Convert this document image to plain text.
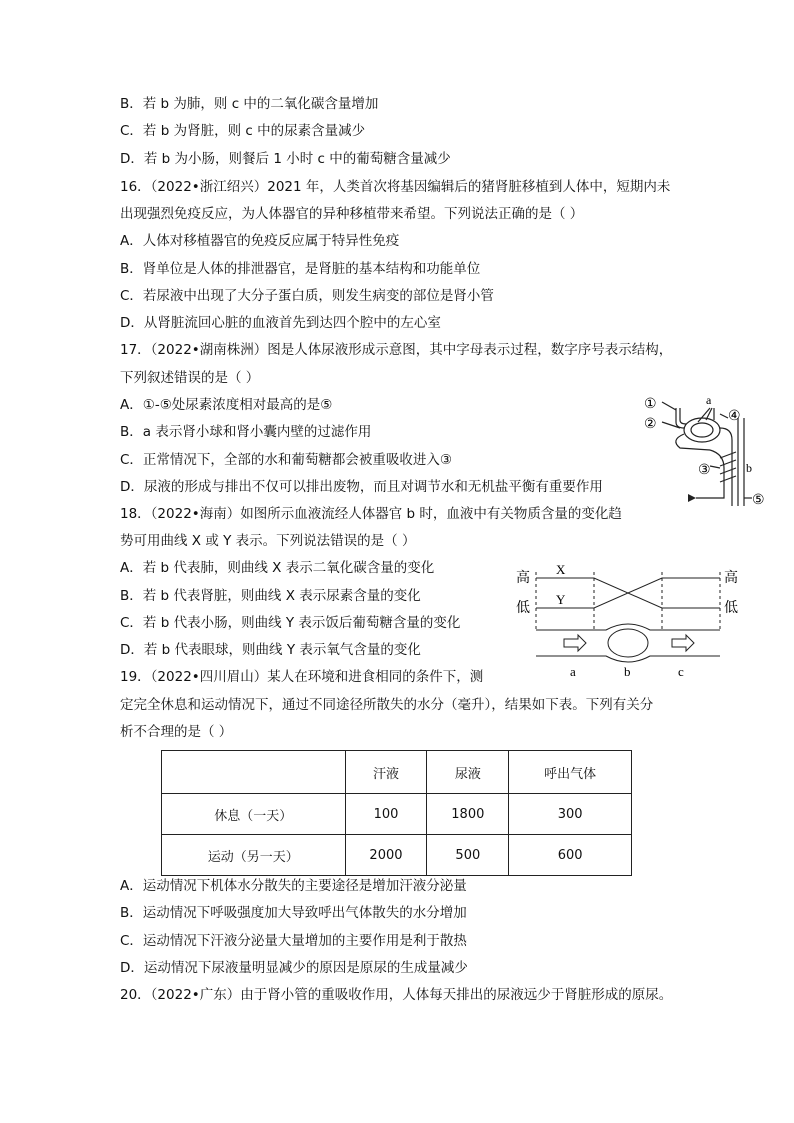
B．若 b 为肺，则 c 中的二氧化碳含量增加
C．若 b 为肾脏，则 c 中的尿素含量减少
D．若 b 为小肠，则餐后 1 小时 c 中的葡萄糖含量减少
16．（2022•浙江绍兴）2021 年，人类首次将基因编辑后的猪肾脏移植到人体中，短期内未
出现强烈免疫反应，为人体器官的异种移植带来希望。下列说法正确的是（ ）
A．人体对移植器官的免疫反应属于特异性免疫
B．肾单位是人体的排泄器官，是肾脏的基本结构和功能单位
C．若尿液中出现了大分子蛋白质，则发生病变的部位是肾小管
D．从肾脏流回心脏的血液首先到达四个腔中的左心室
17．（2022•湖南株洲）图是人体尿液形成示意图，其中字母表示过程，数字序号表示结构，
下列叙述错误的是（ ）
A．①-⑤处尿素浓度相对最高的是⑤
B．a 表示肾小球和肾小囊内壁的过滤作用
C．正常情况下，全部的水和葡萄糖都会被重吸收进入③
D．尿液的形成与排出不仅可以排出废物，而且对调节水和无机盐平衡有重要作用
①
②
④
③
⑤
a
b
18．（2022•海南）如图所示血液流经人体器官 b 时，血液中有关物质含量的变化趋
势可用曲线 X 或 Y 表示。下列说法错误的是（ ）
A．若 b 代表肺，则曲线 X 表示二氧化碳含量的变化
B．若 b 代表肾脏，则曲线 X 表示尿素含量的变化
C．若 b 代表小肠，则曲线 Y 表示饭后葡萄糖含量的变化
D．若 b 代表眼球，则曲线 Y 表示氧气含量的变化
高
低
高
低
X
Y
a	b	c
19．（2022•四川眉山）某人在环境和进食相同的条件下，测
定完全休息和运动情况下，通过不同途径所散失的水分（毫升），结果如下表。下列有关分
析不合理的是（ ）
	汗液	尿液	呼出气体
休息（一天）	100	1800	300
运动（另一天）	2000	500	600
A．运动情况下机体水分散失的主要途径是增加汗液分泌量
B．运动情况下呼吸强度加大导致呼出气体散失的水分增加
C．运动情况下汗液分泌量大量增加的主要作用是利于散热
D．运动情况下尿液量明显减少的原因是原尿的生成量减少
20．（2022•广东）由于肾小管的重吸收作用，人体每天排出的尿液远少于肾脏形成的原尿。
